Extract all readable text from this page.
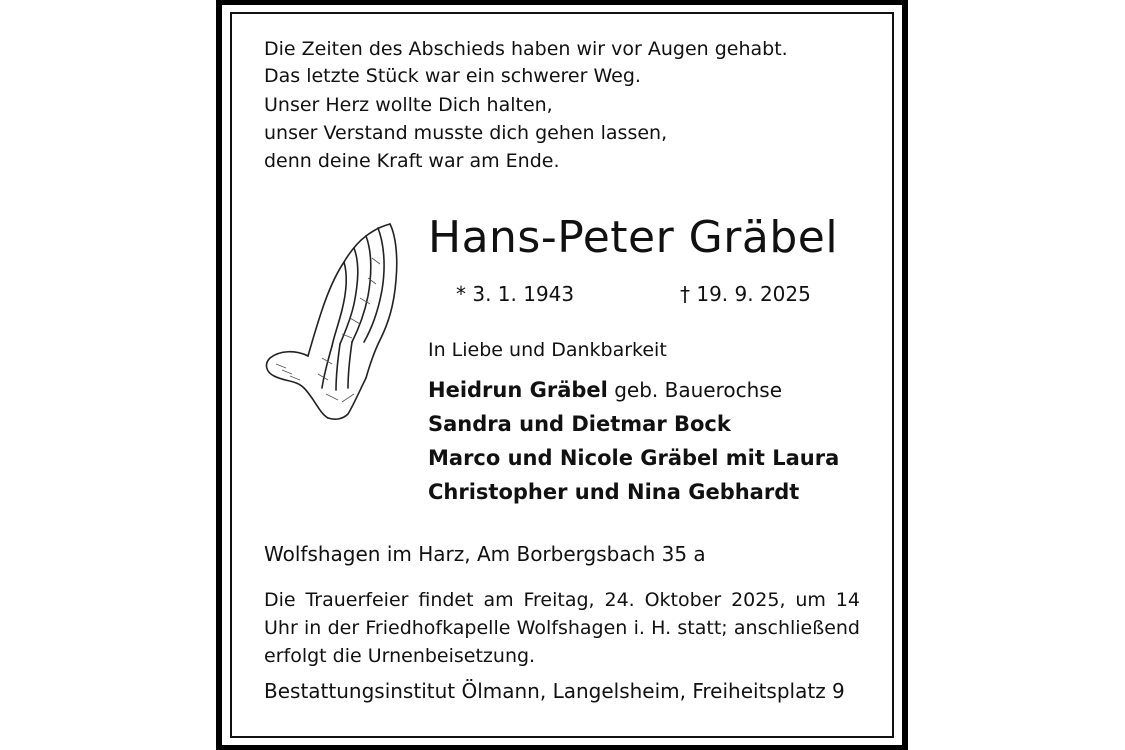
Die Zeiten des Abschieds haben wir vor Augen gehabt.
Das letzte Stück war ein schwerer Weg.
Unser Herz wollte Dich halten,
unser Verstand musste dich gehen lassen,
denn deine Kraft war am Ende.
Hans-Peter Gräbel
* 3. 1. 1943	† 19. 9. 2025
In Liebe und Dankbarkeit
Heidrun Gräbel geb. Bauerochse
Sandra und Dietmar Bock
Marco und Nicole Gräbel mit Laura
Christopher und Nina Gebhardt
Wolfshagen im Harz, Am Borbergsbach 35 a
Die Trauerfeier findet am Freitag, 24. Oktober 2025, um 14 Uhr in der Friedhofkapelle Wolfshagen i. H. statt; anschließend erfolgt die Urnenbeisetzung.
Bestattungsinstitut Ölmann, Langelsheim, Freiheitsplatz 9
